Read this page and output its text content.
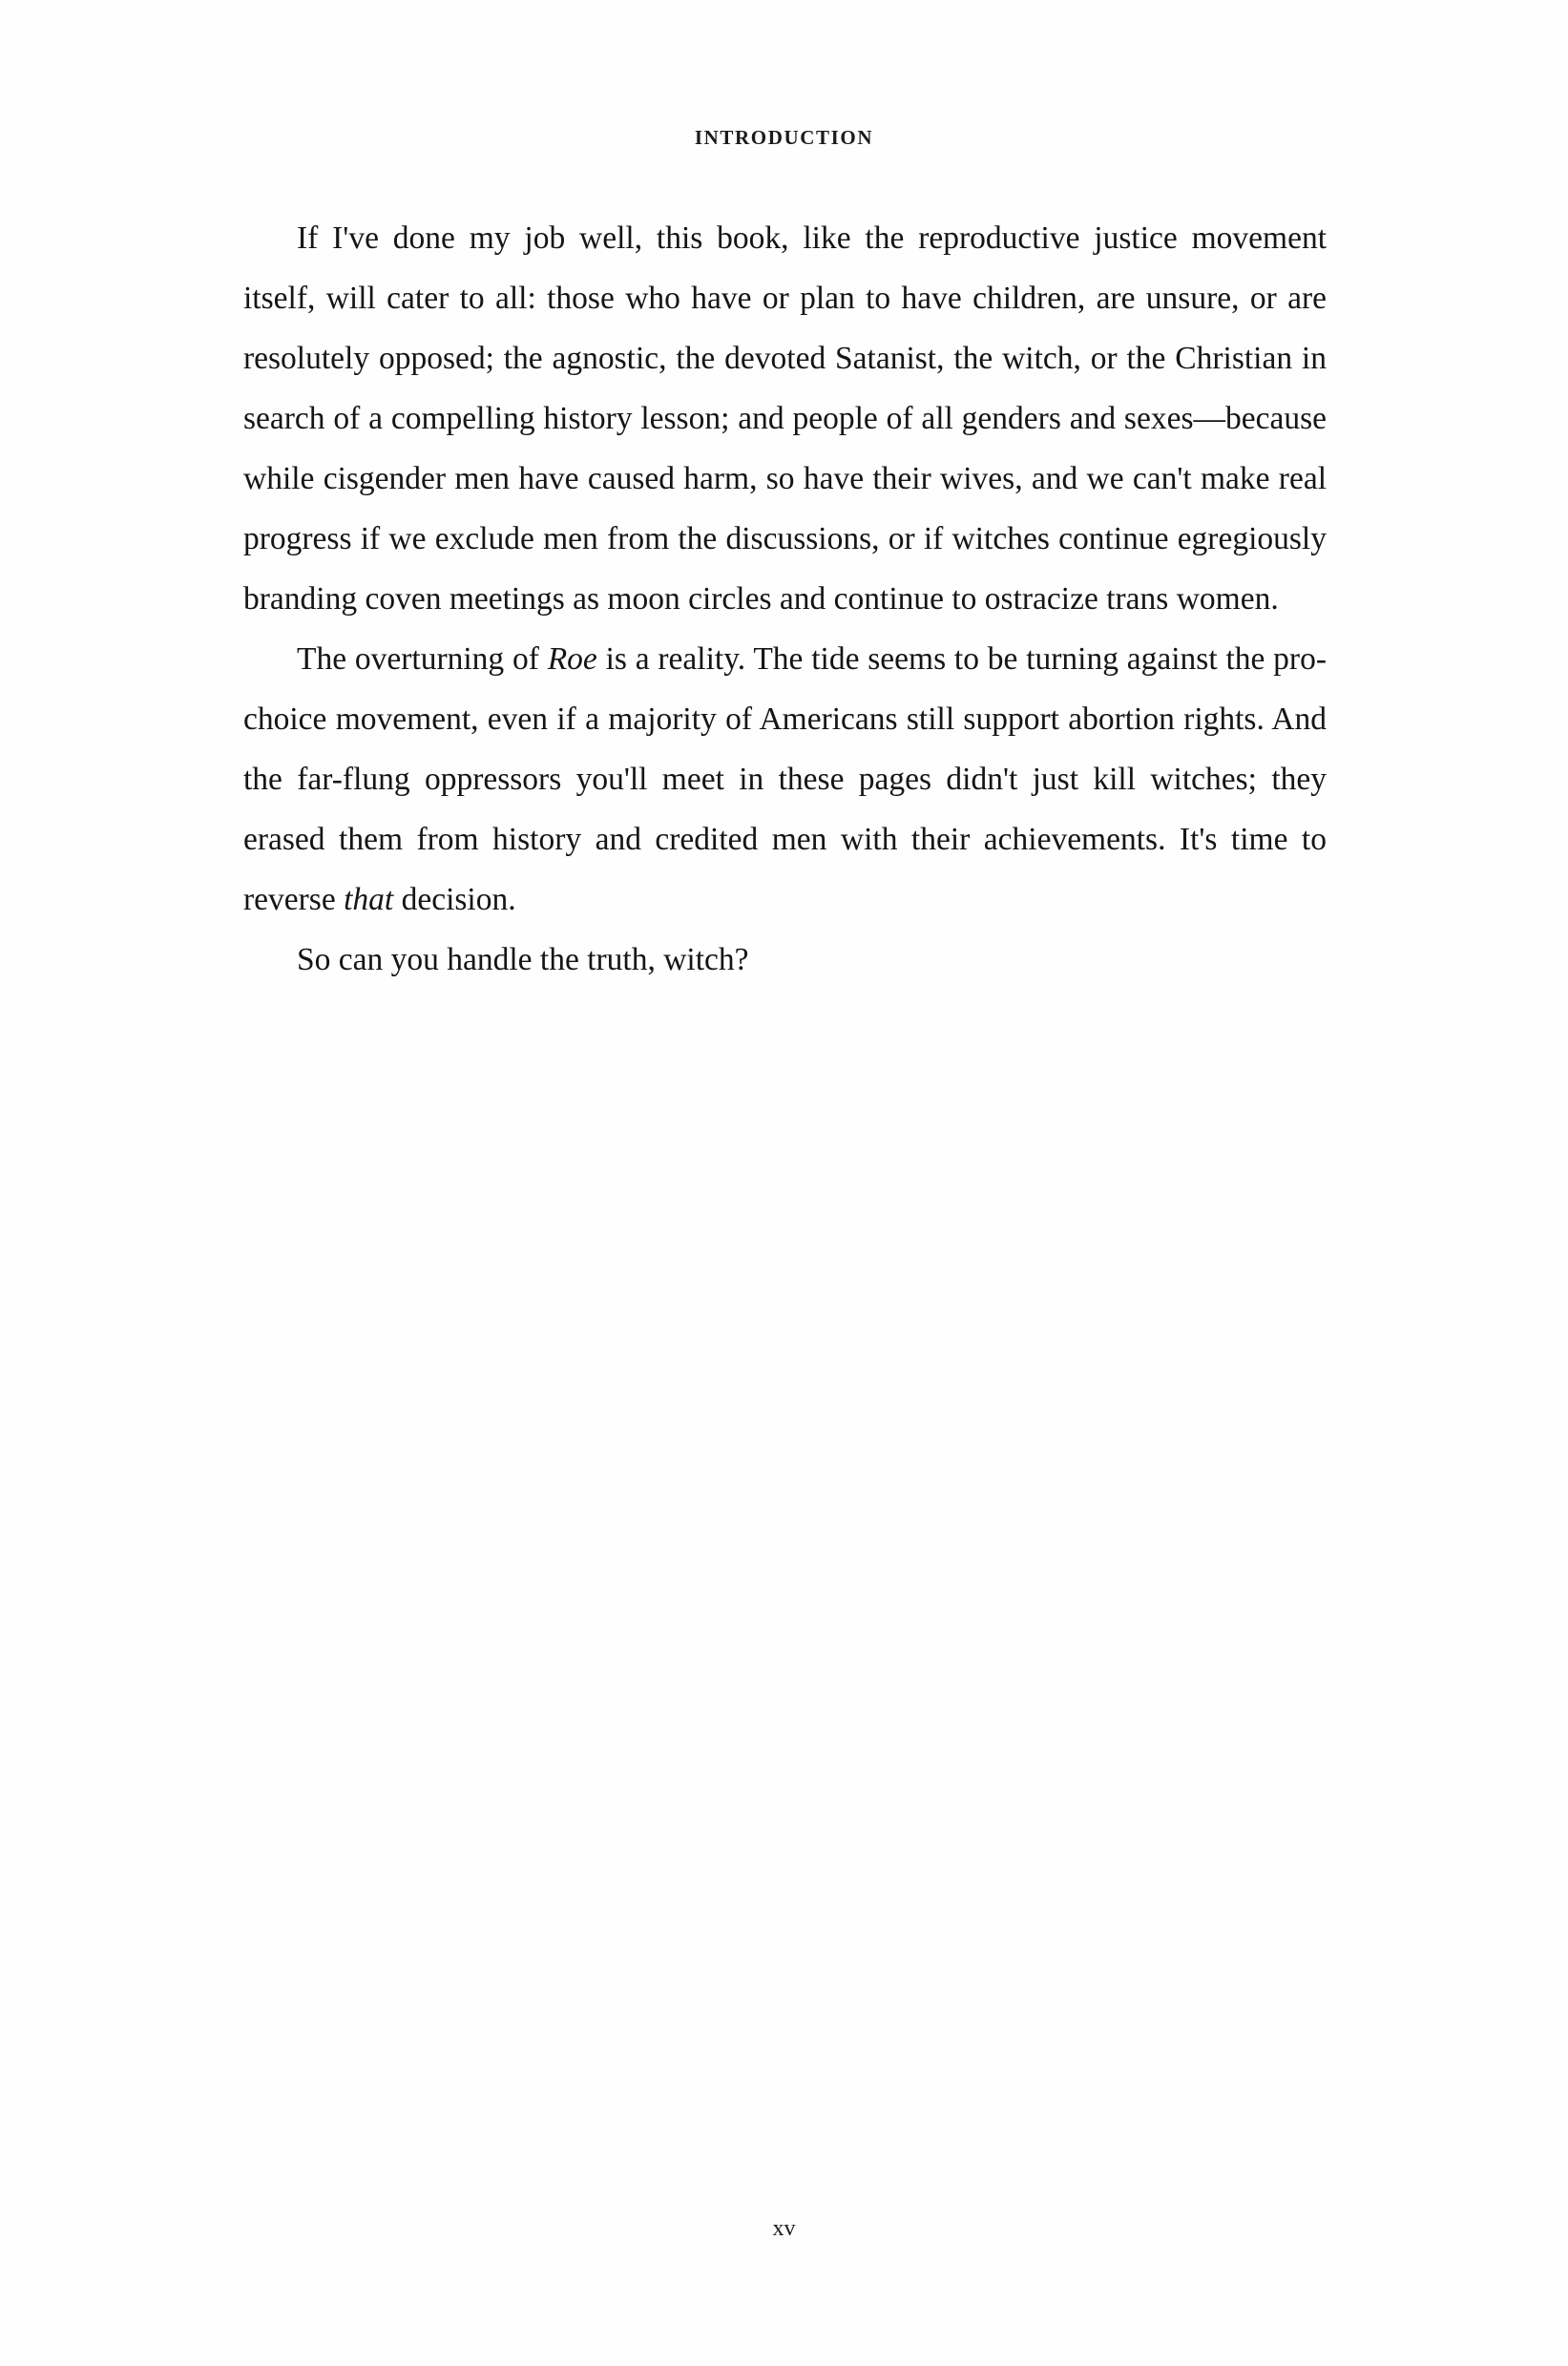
INTRODUCTION

If I've done my job well, this book, like the reproductive justice movement itself, will cater to all: those who have or plan to have children, are unsure, or are resolutely opposed; the agnostic, the devoted Satanist, the witch, or the Christian in search of a compelling history lesson; and people of all genders and sexes—because while cisgender men have caused harm, so have their wives, and we can't make real progress if we exclude men from the discussions, or if witches continue egregiously branding coven meetings as moon circles and continue to ostracize trans women.

The overturning of Roe is a reality. The tide seems to be turning against the pro-choice movement, even if a majority of Americans still support abortion rights. And the far-flung oppressors you'll meet in these pages didn't just kill witches; they erased them from history and credited men with their achievements. It's time to reverse that decision.

So can you handle the truth, witch?

xv
